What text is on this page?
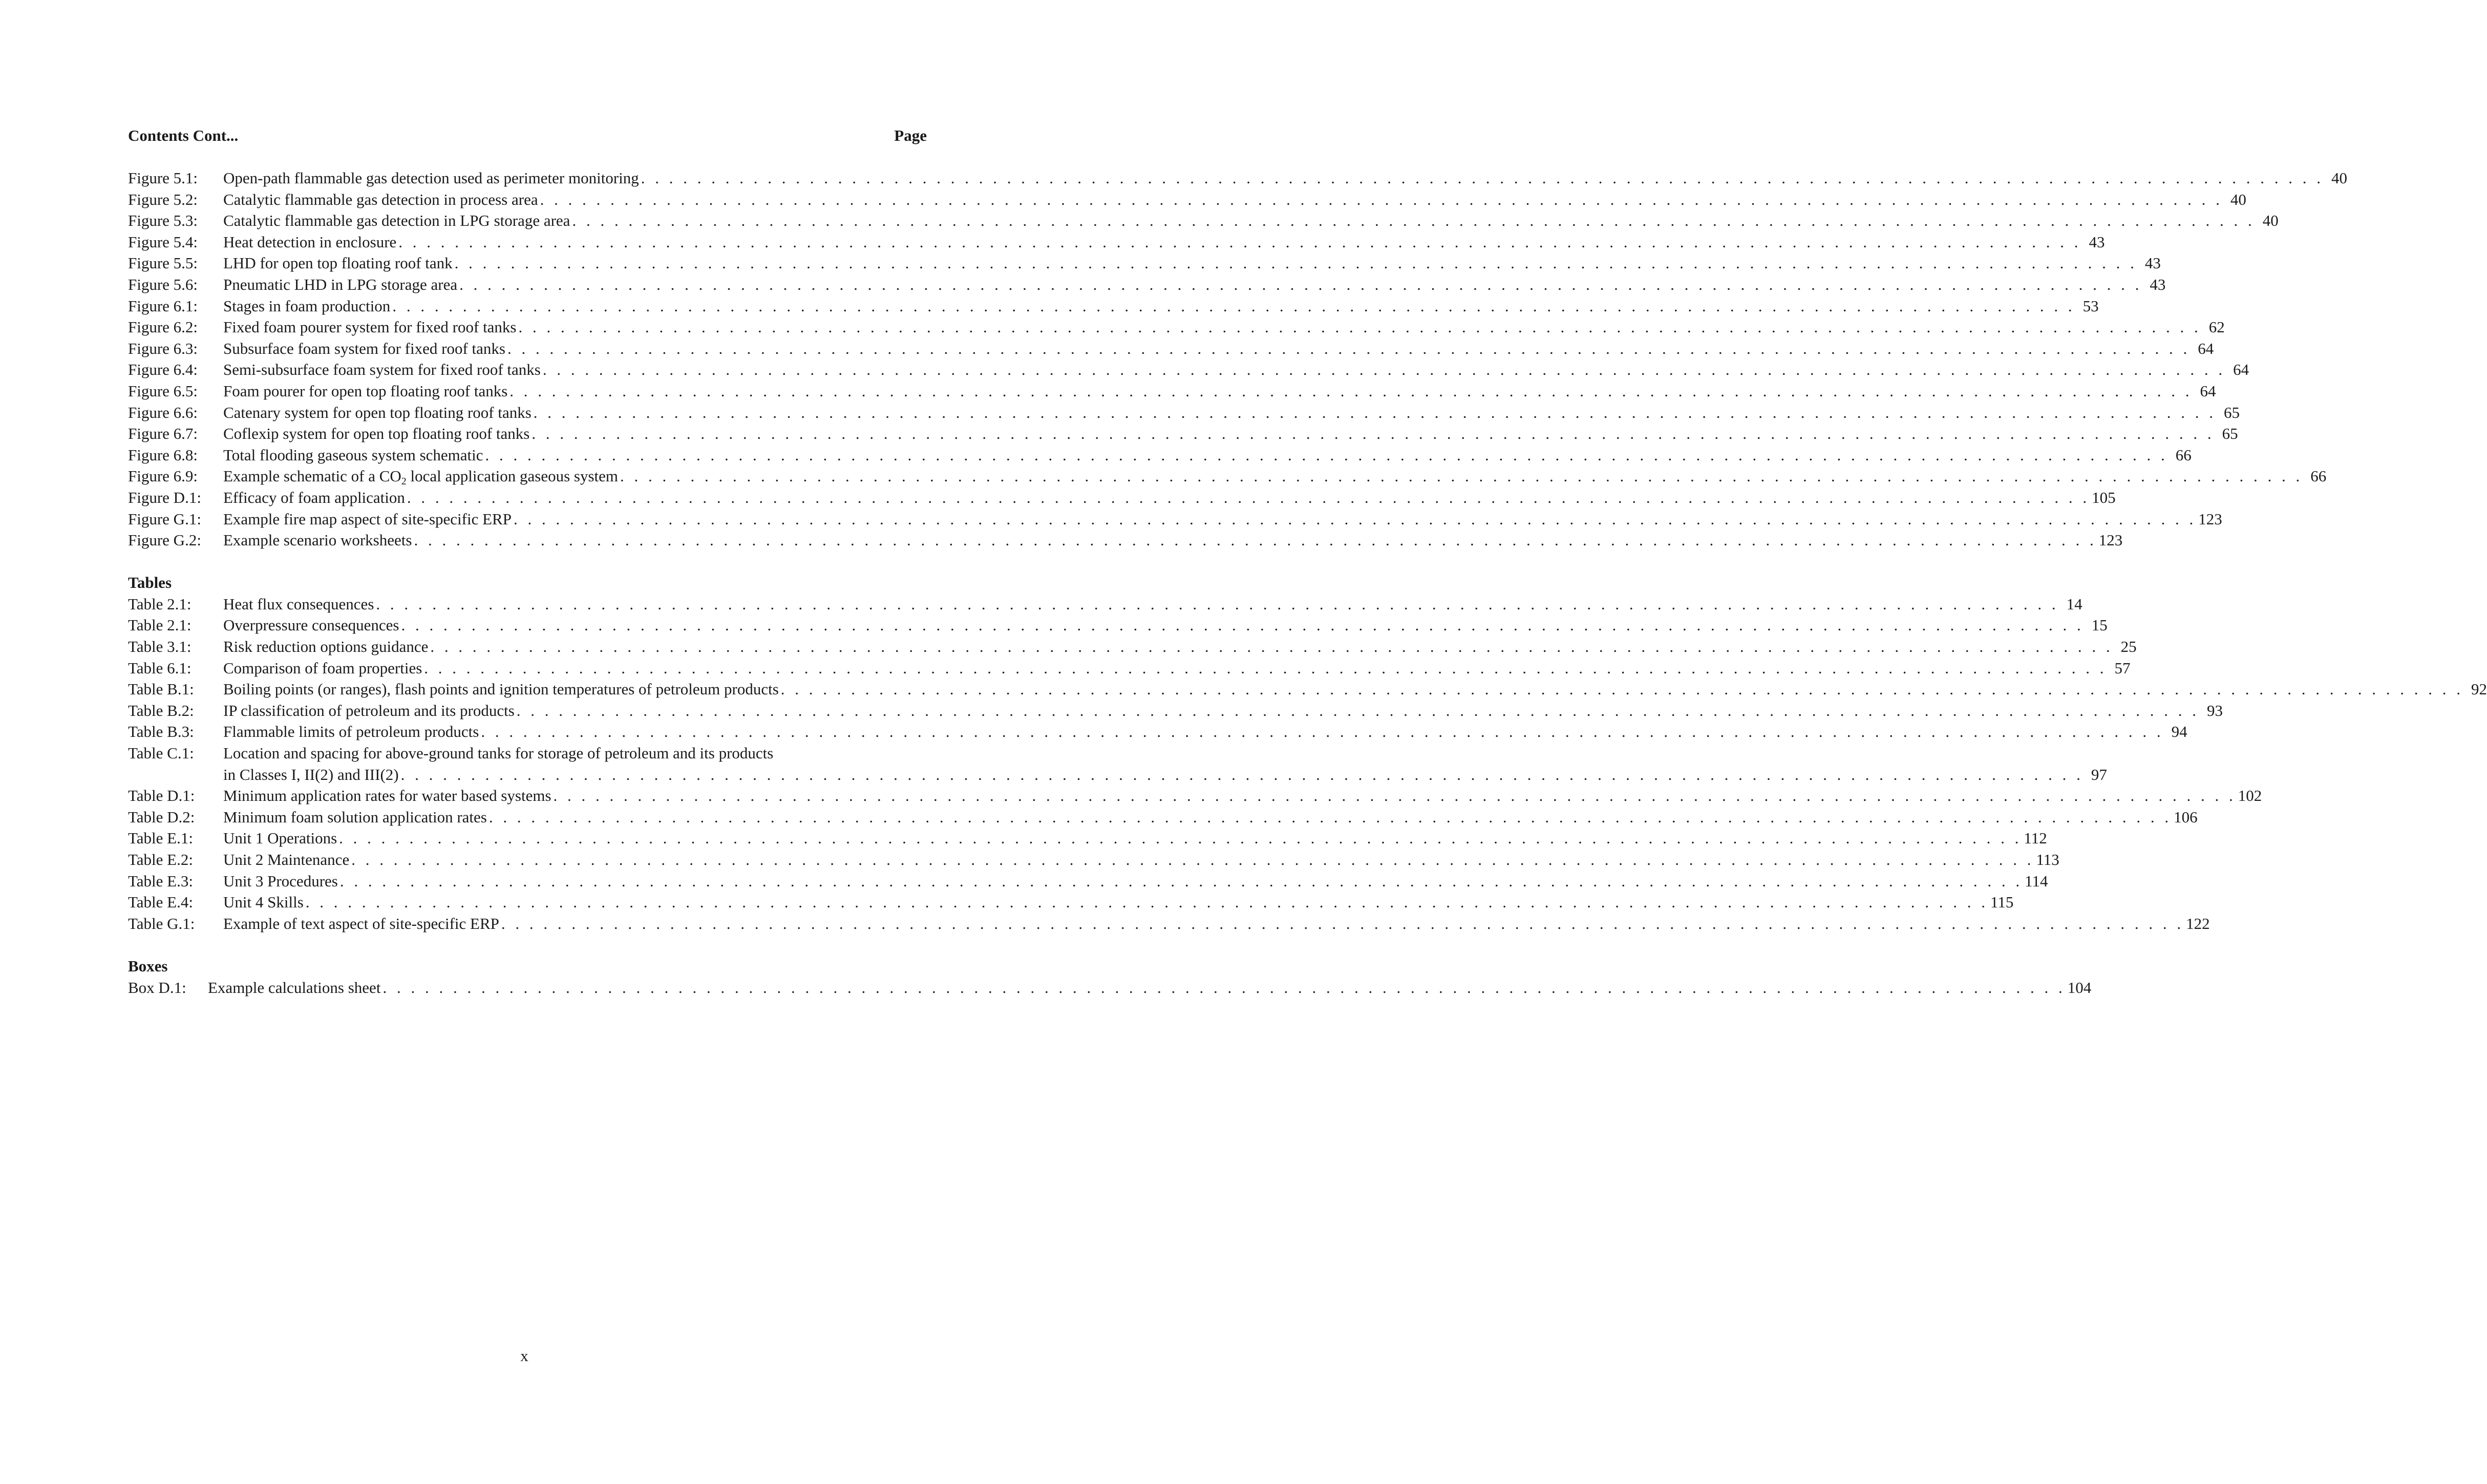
Contents Cont...	Page
Figure 5.1:	Open-path flammable gas detection used as perimeter monitoring . . . . . . . . . . . . . . . . . . . . . . . . . . . . . . . . . . . . . . . . . . . . . . . . . . . . . . . . . . . . . . . . . . . . . . . . . . . . . . . . . . . . . . . . . . . . . . . . . . . . . . . . . . . . . . . . . . . . . . . . 40
Figure 5.2:	Catalytic flammable gas detection in process area . . . . . . . . . . . . . . . . . . . . . . . . . . . . . . . . . . . . . . . . . . . . . . . . . . . . . . . . . . . . . . . . . . . . . . . . . . . . . . . . . . . . . . . . . . . . . . . . . . . . . . . . . . . . . . . . . . . . . . . . 40
Figure 5.3:	Catalytic flammable gas detection in LPG storage area . . . . . . . . . . . . . . . . . . . . . . . . . . . . . . . . . . . . . . . . . . . . . . . . . . . . . . . . . . . . . . . . . . . . . . . . . . . . . . . . . . . . . . . . . . . . . . . . . . . . . . . . . . . . . . . . . . . . . . . . 40
Figure 5.4:	Heat detection in enclosure . . . . . . . . . . . . . . . . . . . . . . . . . . . . . . . . . . . . . . . . . . . . . . . . . . . . . . . . . . . . . . . . . . . . . . . . . . . . . . . . . . . . . . . . . . . . . . . . . . . . . . . . . . . . . . . . . . . . . . . . 43
Figure 5.5:	LHD for open top floating roof tank . . . . . . . . . . . . . . . . . . . . . . . . . . . . . . . . . . . . . . . . . . . . . . . . . . . . . . . . . . . . . . . . . . . . . . . . . . . . . . . . . . . . . . . . . . . . . . . . . . . . . . . . . . . . . . . . . . . . . . . . 43
Figure 5.6:	Pneumatic LHD in LPG storage area . . . . . . . . . . . . . . . . . . . . . . . . . . . . . . . . . . . . . . . . . . . . . . . . . . . . . . . . . . . . . . . . . . . . . . . . . . . . . . . . . . . . . . . . . . . . . . . . . . . . . . . . . . . . . . . . . . . . . . . . 43
Figure 6.1:	Stages in foam production . . . . . . . . . . . . . . . . . . . . . . . . . . . . . . . . . . . . . . . . . . . . . . . . . . . . . . . . . . . . . . . . . . . . . . . . . . . . . . . . . . . . . . . . . . . . . . . . . . . . . . . . . . . . . . . . . . . . . . . . 53
Figure 6.2:	Fixed foam pourer system for fixed roof tanks . . . . . . . . . . . . . . . . . . . . . . . . . . . . . . . . . . . . . . . . . . . . . . . . . . . . . . . . . . . . . . . . . . . . . . . . . . . . . . . . . . . . . . . . . . . . . . . . . . . . . . . . . . . . . . . . . . . . . . . . 62
Figure 6.3:	Subsurface foam system for fixed roof tanks . . . . . . . . . . . . . . . . . . . . . . . . . . . . . . . . . . . . . . . . . . . . . . . . . . . . . . . . . . . . . . . . . . . . . . . . . . . . . . . . . . . . . . . . . . . . . . . . . . . . . . . . . . . . . . . . . . . . . . . . 64
Figure 6.4:	Semi-subsurface foam system for fixed roof tanks . . . . . . . . . . . . . . . . . . . . . . . . . . . . . . . . . . . . . . . . . . . . . . . . . . . . . . . . . . . . . . . . . . . . . . . . . . . . . . . . . . . . . . . . . . . . . . . . . . . . . . . . . . . . . . . . . . . . . . . . 64
Figure 6.5:	Foam pourer for open top floating roof tanks . . . . . . . . . . . . . . . . . . . . . . . . . . . . . . . . . . . . . . . . . . . . . . . . . . . . . . . . . . . . . . . . . . . . . . . . . . . . . . . . . . . . . . . . . . . . . . . . . . . . . . . . . . . . . . . . . . . . . . . . 64
Figure 6.6:	Catenary system for open top floating roof tanks . . . . . . . . . . . . . . . . . . . . . . . . . . . . . . . . . . . . . . . . . . . . . . . . . . . . . . . . . . . . . . . . . . . . . . . . . . . . . . . . . . . . . . . . . . . . . . . . . . . . . . . . . . . . . . . . . . . . . . . . 65
Figure 6.7:	Coflexip system for open top floating roof tanks . . . . . . . . . . . . . . . . . . . . . . . . . . . . . . . . . . . . . . . . . . . . . . . . . . . . . . . . . . . . . . . . . . . . . . . . . . . . . . . . . . . . . . . . . . . . . . . . . . . . . . . . . . . . . . . . . . . . . . . . 65
Figure 6.8:	Total flooding gaseous system schematic . . . . . . . . . . . . . . . . . . . . . . . . . . . . . . . . . . . . . . . . . . . . . . . . . . . . . . . . . . . . . . . . . . . . . . . . . . . . . . . . . . . . . . . . . . . . . . . . . . . . . . . . . . . . . . . . . . . . . . . . 66
Figure 6.9:	Example schematic of a $CO_2$ local application gaseous system . . . . . . . . . . . . . . . . . . . . . . . . . . . . . . . . . . . . . . . . . . . . . . . . . . . . . . . . . . . . . . . . . . . . . . . . . . . . . . . . . . . . . . . . . . . . . . . . . . . . . . . . . . . . . . . . . . . . . . . . 66
Figure D.1:	Efficacy of foam application . . . . . . . . . . . . . . . . . . . . . . . . . . . . . . . . . . . . . . . . . . . . . . . . . . . . . . . . . . . . . . . . . . . . . . . . . . . . . . . . . . . . . . . . . . . . . . . . . . . . . . . . . . . . . . . . . . . . . . . . 105
Figure G.1:	Example fire map aspect of site-specific ERP . . . . . . . . . . . . . . . . . . . . . . . . . . . . . . . . . . . . . . . . . . . . . . . . . . . . . . . . . . . . . . . . . . . . . . . . . . . . . . . . . . . . . . . . . . . . . . . . . . . . . . . . . . . . . . . . . . . . . . . . 123
Figure G.2:	Example scenario worksheets . . . . . . . . . . . . . . . . . . . . . . . . . . . . . . . . . . . . . . . . . . . . . . . . . . . . . . . . . . . . . . . . . . . . . . . . . . . . . . . . . . . . . . . . . . . . . . . . . . . . . . . . . . . . . . . . . . . . . . . . 123
Tables
Table 2.1:	Heat flux consequences . . . . . . . . . . . . . . . . . . . . . . . . . . . . . . . . . . . . . . . . . . . . . . . . . . . . . . . . . . . . . . . . . . . . . . . . . . . . . . . . . . . . . . . . . . . . . . . . . . . . . . . . . . . . . . . . . . . . . . . . 14
Table 2.1:	Overpressure consequences . . . . . . . . . . . . . . . . . . . . . . . . . . . . . . . . . . . . . . . . . . . . . . . . . . . . . . . . . . . . . . . . . . . . . . . . . . . . . . . . . . . . . . . . . . . . . . . . . . . . . . . . . . . . . . . . . . . . . . . . 15
Table 3.1:	Risk reduction options guidance . . . . . . . . . . . . . . . . . . . . . . . . . . . . . . . . . . . . . . . . . . . . . . . . . . . . . . . . . . . . . . . . . . . . . . . . . . . . . . . . . . . . . . . . . . . . . . . . . . . . . . . . . . . . . . . . . . . . . . . . 25
Table 6.1:	Comparison of foam properties . . . . . . . . . . . . . . . . . . . . . . . . . . . . . . . . . . . . . . . . . . . . . . . . . . . . . . . . . . . . . . . . . . . . . . . . . . . . . . . . . . . . . . . . . . . . . . . . . . . . . . . . . . . . . . . . . . . . . . . . 57
Table B.1:	Boiling points (or ranges), flash points and ignition temperatures of petroleum products . . . . . . . . . . . . . . . . . . . . . . . . . . . . . . . . . . . . . . . . . . . . . . . . . . . . . . . . . . . . . . . . . . . . . . . . . . . . . . . . . . . . . . . . . . . . . . . . . . . . . . . . . . . . . . . . . . . . . . . . 92
Table B.2:	IP classification of petroleum and its products . . . . . . . . . . . . . . . . . . . . . . . . . . . . . . . . . . . . . . . . . . . . . . . . . . . . . . . . . . . . . . . . . . . . . . . . . . . . . . . . . . . . . . . . . . . . . . . . . . . . . . . . . . . . . . . . . . . . . . . . 93
Table B.3:	Flammable limits of petroleum products . . . . . . . . . . . . . . . . . . . . . . . . . . . . . . . . . . . . . . . . . . . . . . . . . . . . . . . . . . . . . . . . . . . . . . . . . . . . . . . . . . . . . . . . . . . . . . . . . . . . . . . . . . . . . . . . . . . . . . . . 94
Table C.1:	Location and spacing for above-ground tanks for storage of petroleum and its products
in Classes I, II(2) and III(2) . . . . . . . . . . . . . . . . . . . . . . . . . . . . . . . . . . . . . . . . . . . . . . . . . . . . . . . . . . . . . . . . . . . . . . . . . . . . . . . . . . . . . . . . . . . . . . . . . . . . . . . . . . . . . . . . . . . . . . . . 97
Table D.1:	Minimum application rates for water based systems . . . . . . . . . . . . . . . . . . . . . . . . . . . . . . . . . . . . . . . . . . . . . . . . . . . . . . . . . . . . . . . . . . . . . . . . . . . . . . . . . . . . . . . . . . . . . . . . . . . . . . . . . . . . . . . . . . . . . . . . 102
Table D.2:	Minimum foam solution application rates . . . . . . . . . . . . . . . . . . . . . . . . . . . . . . . . . . . . . . . . . . . . . . . . . . . . . . . . . . . . . . . . . . . . . . . . . . . . . . . . . . . . . . . . . . . . . . . . . . . . . . . . . . . . . . . . . . . . . . . . 106
Table E.1:	Unit 1 Operations . . . . . . . . . . . . . . . . . . . . . . . . . . . . . . . . . . . . . . . . . . . . . . . . . . . . . . . . . . . . . . . . . . . . . . . . . . . . . . . . . . . . . . . . . . . . . . . . . . . . . . . . . . . . . . . . . . . . . . . . 112
Table E.2:	Unit 2 Maintenance . . . . . . . . . . . . . . . . . . . . . . . . . . . . . . . . . . . . . . . . . . . . . . . . . . . . . . . . . . . . . . . . . . . . . . . . . . . . . . . . . . . . . . . . . . . . . . . . . . . . . . . . . . . . . . . . . . . . . . . . 113
Table E.3:	Unit 3 Procedures . . . . . . . . . . . . . . . . . . . . . . . . . . . . . . . . . . . . . . . . . . . . . . . . . . . . . . . . . . . . . . . . . . . . . . . . . . . . . . . . . . . . . . . . . . . . . . . . . . . . . . . . . . . . . . . . . . . . . . . . 114
Table E.4:	Unit 4 Skills . . . . . . . . . . . . . . . . . . . . . . . . . . . . . . . . . . . . . . . . . . . . . . . . . . . . . . . . . . . . . . . . . . . . . . . . . . . . . . . . . . . . . . . . . . . . . . . . . . . . . . . . . . . . . . . . . . . . . . . . 115
Table G.1:	Example of text aspect of site-specific ERP . . . . . . . . . . . . . . . . . . . . . . . . . . . . . . . . . . . . . . . . . . . . . . . . . . . . . . . . . . . . . . . . . . . . . . . . . . . . . . . . . . . . . . . . . . . . . . . . . . . . . . . . . . . . . . . . . . . . . . . . 122
Boxes
Box D.1:	Example calculations sheet . . . . . . . . . . . . . . . . . . . . . . . . . . . . . . . . . . . . . . . . . . . . . . . . . . . . . . . . . . . . . . . . . . . . . . . . . . . . . . . . . . . . . . . . . . . . . . . . . . . . . . . . . . . . . . . . . . . . . . . . 104
x
